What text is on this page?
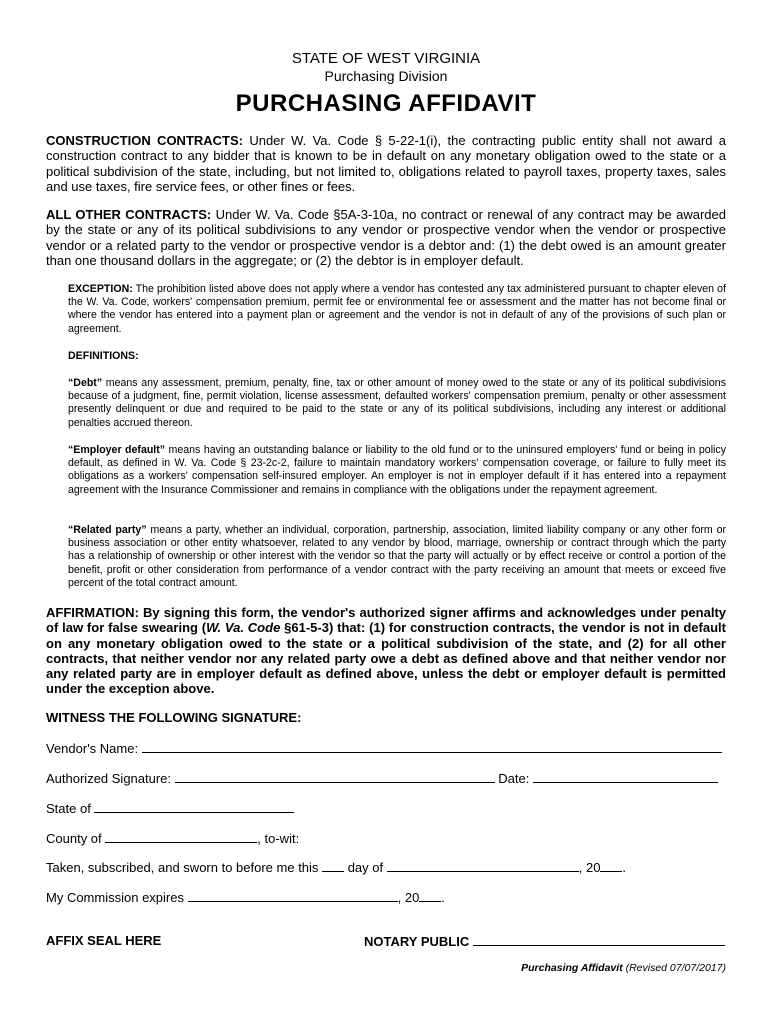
STATE OF WEST VIRGINIA
Purchasing Division
PURCHASING AFFIDAVIT
CONSTRUCTION CONTRACTS: Under W. Va. Code § 5-22-1(i), the contracting public entity shall not award a construction contract to any bidder that is known to be in default on any monetary obligation owed to the state or a political subdivision of the state, including, but not limited to, obligations related to payroll taxes, property taxes, sales and use taxes, fire service fees, or other fines or fees.
ALL OTHER CONTRACTS: Under W. Va. Code §5A-3-10a, no contract or renewal of any contract may be awarded by the state or any of its political subdivisions to any vendor or prospective vendor when the vendor or prospective vendor or a related party to the vendor or prospective vendor is a debtor and: (1) the debt owed is an amount greater than one thousand dollars in the aggregate; or (2) the debtor is in employer default.
EXCEPTION: The prohibition listed above does not apply where a vendor has contested any tax administered pursuant to chapter eleven of the W. Va. Code, workers' compensation premium, permit fee or environmental fee or assessment and the matter has not become final or where the vendor has entered into a payment plan or agreement and the vendor is not in default of any of the provisions of such plan or agreement.
DEFINITIONS:
“Debt” means any assessment, premium, penalty, fine, tax or other amount of money owed to the state or any of its political subdivisions because of a judgment, fine, permit violation, license assessment, defaulted workers' compensation premium, penalty or other assessment presently delinquent or due and required to be paid to the state or any of its political subdivisions, including any interest or additional penalties accrued thereon.
“Employer default” means having an outstanding balance or liability to the old fund or to the uninsured employers' fund or being in policy default, as defined in W. Va. Code § 23-2c-2, failure to maintain mandatory workers' compensation coverage, or failure to fully meet its obligations as a workers' compensation self-insured employer. An employer is not in employer default if it has entered into a repayment agreement with the Insurance Commissioner and remains in compliance with the obligations under the repayment agreement.
“Related party” means a party, whether an individual, corporation, partnership, association, limited liability company or any other form or business association or other entity whatsoever, related to any vendor by blood, marriage, ownership or contract through which the party has a relationship of ownership or other interest with the vendor so that the party will actually or by effect receive or control a portion of the benefit, profit or other consideration from performance of a vendor contract with the party receiving an amount that meets or exceed five percent of the total contract amount.
AFFIRMATION: By signing this form, the vendor's authorized signer affirms and acknowledges under penalty of law for false swearing (W. Va. Code §61-5-3) that: (1) for construction contracts, the vendor is not in default on any monetary obligation owed to the state or a political subdivision of the state, and (2) for all other contracts, that neither vendor nor any related party owe a debt as defined above and that neither vendor nor any related party are in employer default as defined above, unless the debt or employer default is permitted under the exception above.
WITNESS THE FOLLOWING SIGNATURE:
Vendor's Name:
Authorized Signature:	Date:
State of
County of	, to-wit:
Taken, subscribed, and sworn to before me this day of	, 20 .
My Commission expires	, 20 .
AFFIX SEAL HERE	NOTARY PUBLIC
Purchasing Affidavit (Revised 07/07/2017)
